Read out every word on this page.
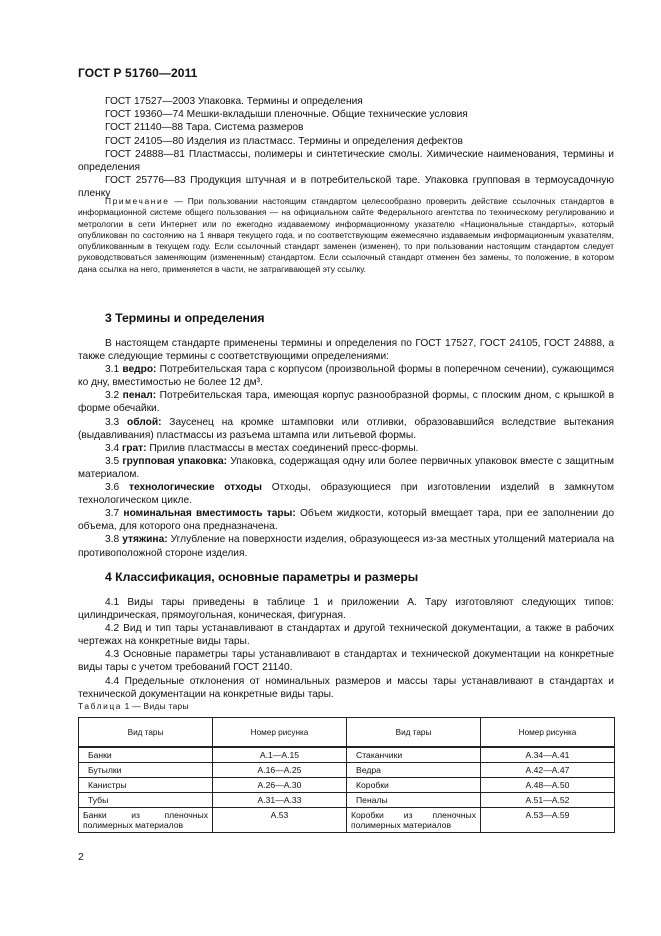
ГОСТ Р 51760—2011

ГОСТ 17527—2003 Упаковка. Термины и определения

ГОСТ 19360—74 Мешки-вкладыши пленочные. Общие технические условия

ГОСТ 21140—88 Тара. Система размеров

ГОСТ 24105—80 Изделия из пластмасс. Термины и определения дефектов

ГОСТ 24888—81 Пластмассы, полимеры и синтетические смолы. Химические наименования, термины и определения

ГОСТ 25776—83 Продукция штучная и в потребительской таре. Упаковка групповая в термоусадочную пленку

Примечание — При пользовании настоящим стандартом целесообразно проверить действие ссылочных стандартов в информационной системе общего пользования — на официальном сайте Федерального агентства по техническому регулированию и метрологии в сети Интернет или по ежегодно издаваемому информационному указателю «Национальные стандарты», который опубликован по состоянию на 1 января текущего года, и по соответствующим ежемесячно издаваемым информационным указателям, опубликованным в текущем году. Если ссылочный стандарт заменен (изменен), то при пользовании настоящим стандартом следует руководствоваться заменяющим (измененным) стандартом. Если ссылочный стандарт отменен без замены, то положение, в котором дана ссылка на него, применяется в части, не затрагивающей эту ссылку.

3 Термины и определения

В настоящем стандарте применены термины и определения по ГОСТ 17527, ГОСТ 24105, ГОСТ 24888, а также следующие термины с соответствующими определениями:

3.1 ведро: Потребительская тара с корпусом (произвольной формы в поперечном сечении), сужающимся ко дну, вместимостью не более 12 дм³.

3.2 пенал: Потребительская тара, имеющая корпус разнообразной формы, с плоским дном, с крышкой в форме обечайки.

3.3 облой: Заусенец на кромке штамповки или отливки, образовавшийся вследствие вытекания (выдавливания) пластмассы из разъема штампа или литьевой формы.

3.4 грат: Прилив пластмассы в местах соединений пресс-формы.

3.5 групповая упаковка: Упаковка, содержащая одну или более первичных упаковок вместе с защитным материалом.

3.6 технологические отходы Отходы, образующиеся при изготовлении изделий в замкнутом технологическом цикле.

3.7 номинальная вместимость тары: Объем жидкости, который вмещает тара, при ее заполнении до объема, для которого она предназначена.

3.8 утяжина: Углубление на поверхности изделия, образующееся из-за местных утолщений материала на противоположной стороне изделия.

4 Классификация, основные параметры и размеры

4.1 Виды тары приведены в таблице 1 и приложении А. Тару изготовляют следующих типов: цилиндрическая, прямоугольная, коническая, фигурная.

4.2 Вид и тип тары устанавливают в стандартах и другой технической документации, а также в рабочих чертежах на конкретные виды тары.

4.3 Основные параметры тары устанавливают в стандартах и технической документации на конкретные виды тары с учетом требований ГОСТ 21140.

4.4 Предельные отклонения от номинальных размеров и массы тары устанавливают в стандартах и технической документации на конкретные виды тары.

Таблица 1 — Виды тары
Вид тары	Номер рисунка	Вид тары	Номер рисунка
Банки	А.1—А.15	Стаканчики	А.34—А.41
Бутылки	А.16—А.25	Ведра	А.42—А.47
Канистры	А.26—А.30	Коробки	А.48—А.50
Тубы	А.31—А.33	Пеналы	А.51—А.52
Банки из пленочных полимерных материалов	А.53	Коробки из пленочных полимерных материалов	А.53—А.59
2
